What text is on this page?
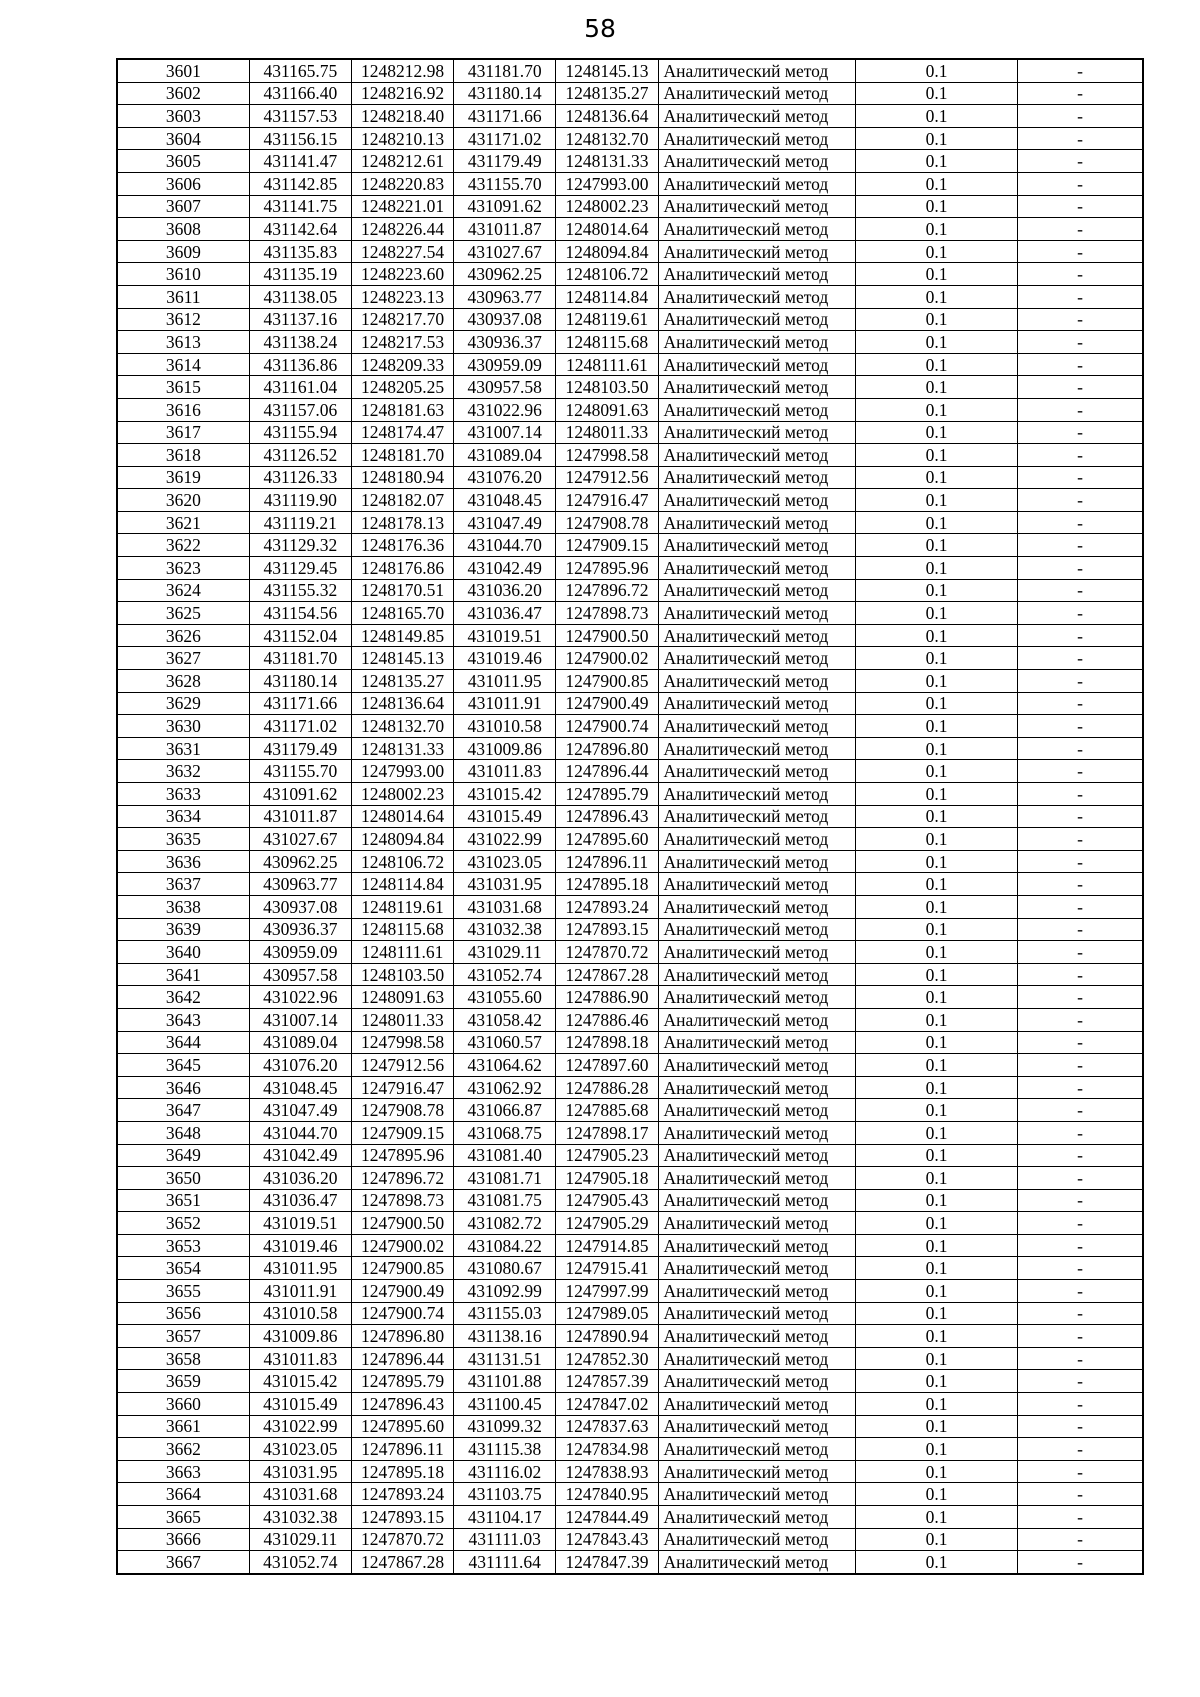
58
3601	431165.75	1248212.98	431181.70	1248145.13	Аналитический метод	0.1	-
3602	431166.40	1248216.92	431180.14	1248135.27	Аналитический метод	0.1	-
3603	431157.53	1248218.40	431171.66	1248136.64	Аналитический метод	0.1	-
3604	431156.15	1248210.13	431171.02	1248132.70	Аналитический метод	0.1	-
3605	431141.47	1248212.61	431179.49	1248131.33	Аналитический метод	0.1	-
3606	431142.85	1248220.83	431155.70	1247993.00	Аналитический метод	0.1	-
3607	431141.75	1248221.01	431091.62	1248002.23	Аналитический метод	0.1	-
3608	431142.64	1248226.44	431011.87	1248014.64	Аналитический метод	0.1	-
3609	431135.83	1248227.54	431027.67	1248094.84	Аналитический метод	0.1	-
3610	431135.19	1248223.60	430962.25	1248106.72	Аналитический метод	0.1	-
3611	431138.05	1248223.13	430963.77	1248114.84	Аналитический метод	0.1	-
3612	431137.16	1248217.70	430937.08	1248119.61	Аналитический метод	0.1	-
3613	431138.24	1248217.53	430936.37	1248115.68	Аналитический метод	0.1	-
3614	431136.86	1248209.33	430959.09	1248111.61	Аналитический метод	0.1	-
3615	431161.04	1248205.25	430957.58	1248103.50	Аналитический метод	0.1	-
3616	431157.06	1248181.63	431022.96	1248091.63	Аналитический метод	0.1	-
3617	431155.94	1248174.47	431007.14	1248011.33	Аналитический метод	0.1	-
3618	431126.52	1248181.70	431089.04	1247998.58	Аналитический метод	0.1	-
3619	431126.33	1248180.94	431076.20	1247912.56	Аналитический метод	0.1	-
3620	431119.90	1248182.07	431048.45	1247916.47	Аналитический метод	0.1	-
3621	431119.21	1248178.13	431047.49	1247908.78	Аналитический метод	0.1	-
3622	431129.32	1248176.36	431044.70	1247909.15	Аналитический метод	0.1	-
3623	431129.45	1248176.86	431042.49	1247895.96	Аналитический метод	0.1	-
3624	431155.32	1248170.51	431036.20	1247896.72	Аналитический метод	0.1	-
3625	431154.56	1248165.70	431036.47	1247898.73	Аналитический метод	0.1	-
3626	431152.04	1248149.85	431019.51	1247900.50	Аналитический метод	0.1	-
3627	431181.70	1248145.13	431019.46	1247900.02	Аналитический метод	0.1	-
3628	431180.14	1248135.27	431011.95	1247900.85	Аналитический метод	0.1	-
3629	431171.66	1248136.64	431011.91	1247900.49	Аналитический метод	0.1	-
3630	431171.02	1248132.70	431010.58	1247900.74	Аналитический метод	0.1	-
3631	431179.49	1248131.33	431009.86	1247896.80	Аналитический метод	0.1	-
3632	431155.70	1247993.00	431011.83	1247896.44	Аналитический метод	0.1	-
3633	431091.62	1248002.23	431015.42	1247895.79	Аналитический метод	0.1	-
3634	431011.87	1248014.64	431015.49	1247896.43	Аналитический метод	0.1	-
3635	431027.67	1248094.84	431022.99	1247895.60	Аналитический метод	0.1	-
3636	430962.25	1248106.72	431023.05	1247896.11	Аналитический метод	0.1	-
3637	430963.77	1248114.84	431031.95	1247895.18	Аналитический метод	0.1	-
3638	430937.08	1248119.61	431031.68	1247893.24	Аналитический метод	0.1	-
3639	430936.37	1248115.68	431032.38	1247893.15	Аналитический метод	0.1	-
3640	430959.09	1248111.61	431029.11	1247870.72	Аналитический метод	0.1	-
3641	430957.58	1248103.50	431052.74	1247867.28	Аналитический метод	0.1	-
3642	431022.96	1248091.63	431055.60	1247886.90	Аналитический метод	0.1	-
3643	431007.14	1248011.33	431058.42	1247886.46	Аналитический метод	0.1	-
3644	431089.04	1247998.58	431060.57	1247898.18	Аналитический метод	0.1	-
3645	431076.20	1247912.56	431064.62	1247897.60	Аналитический метод	0.1	-
3646	431048.45	1247916.47	431062.92	1247886.28	Аналитический метод	0.1	-
3647	431047.49	1247908.78	431066.87	1247885.68	Аналитический метод	0.1	-
3648	431044.70	1247909.15	431068.75	1247898.17	Аналитический метод	0.1	-
3649	431042.49	1247895.96	431081.40	1247905.23	Аналитический метод	0.1	-
3650	431036.20	1247896.72	431081.71	1247905.18	Аналитический метод	0.1	-
3651	431036.47	1247898.73	431081.75	1247905.43	Аналитический метод	0.1	-
3652	431019.51	1247900.50	431082.72	1247905.29	Аналитический метод	0.1	-
3653	431019.46	1247900.02	431084.22	1247914.85	Аналитический метод	0.1	-
3654	431011.95	1247900.85	431080.67	1247915.41	Аналитический метод	0.1	-
3655	431011.91	1247900.49	431092.99	1247997.99	Аналитический метод	0.1	-
3656	431010.58	1247900.74	431155.03	1247989.05	Аналитический метод	0.1	-
3657	431009.86	1247896.80	431138.16	1247890.94	Аналитический метод	0.1	-
3658	431011.83	1247896.44	431131.51	1247852.30	Аналитический метод	0.1	-
3659	431015.42	1247895.79	431101.88	1247857.39	Аналитический метод	0.1	-
3660	431015.49	1247896.43	431100.45	1247847.02	Аналитический метод	0.1	-
3661	431022.99	1247895.60	431099.32	1247837.63	Аналитический метод	0.1	-
3662	431023.05	1247896.11	431115.38	1247834.98	Аналитический метод	0.1	-
3663	431031.95	1247895.18	431116.02	1247838.93	Аналитический метод	0.1	-
3664	431031.68	1247893.24	431103.75	1247840.95	Аналитический метод	0.1	-
3665	431032.38	1247893.15	431104.17	1247844.49	Аналитический метод	0.1	-
3666	431029.11	1247870.72	431111.03	1247843.43	Аналитический метод	0.1	-
3667	431052.74	1247867.28	431111.64	1247847.39	Аналитический метод	0.1	-
